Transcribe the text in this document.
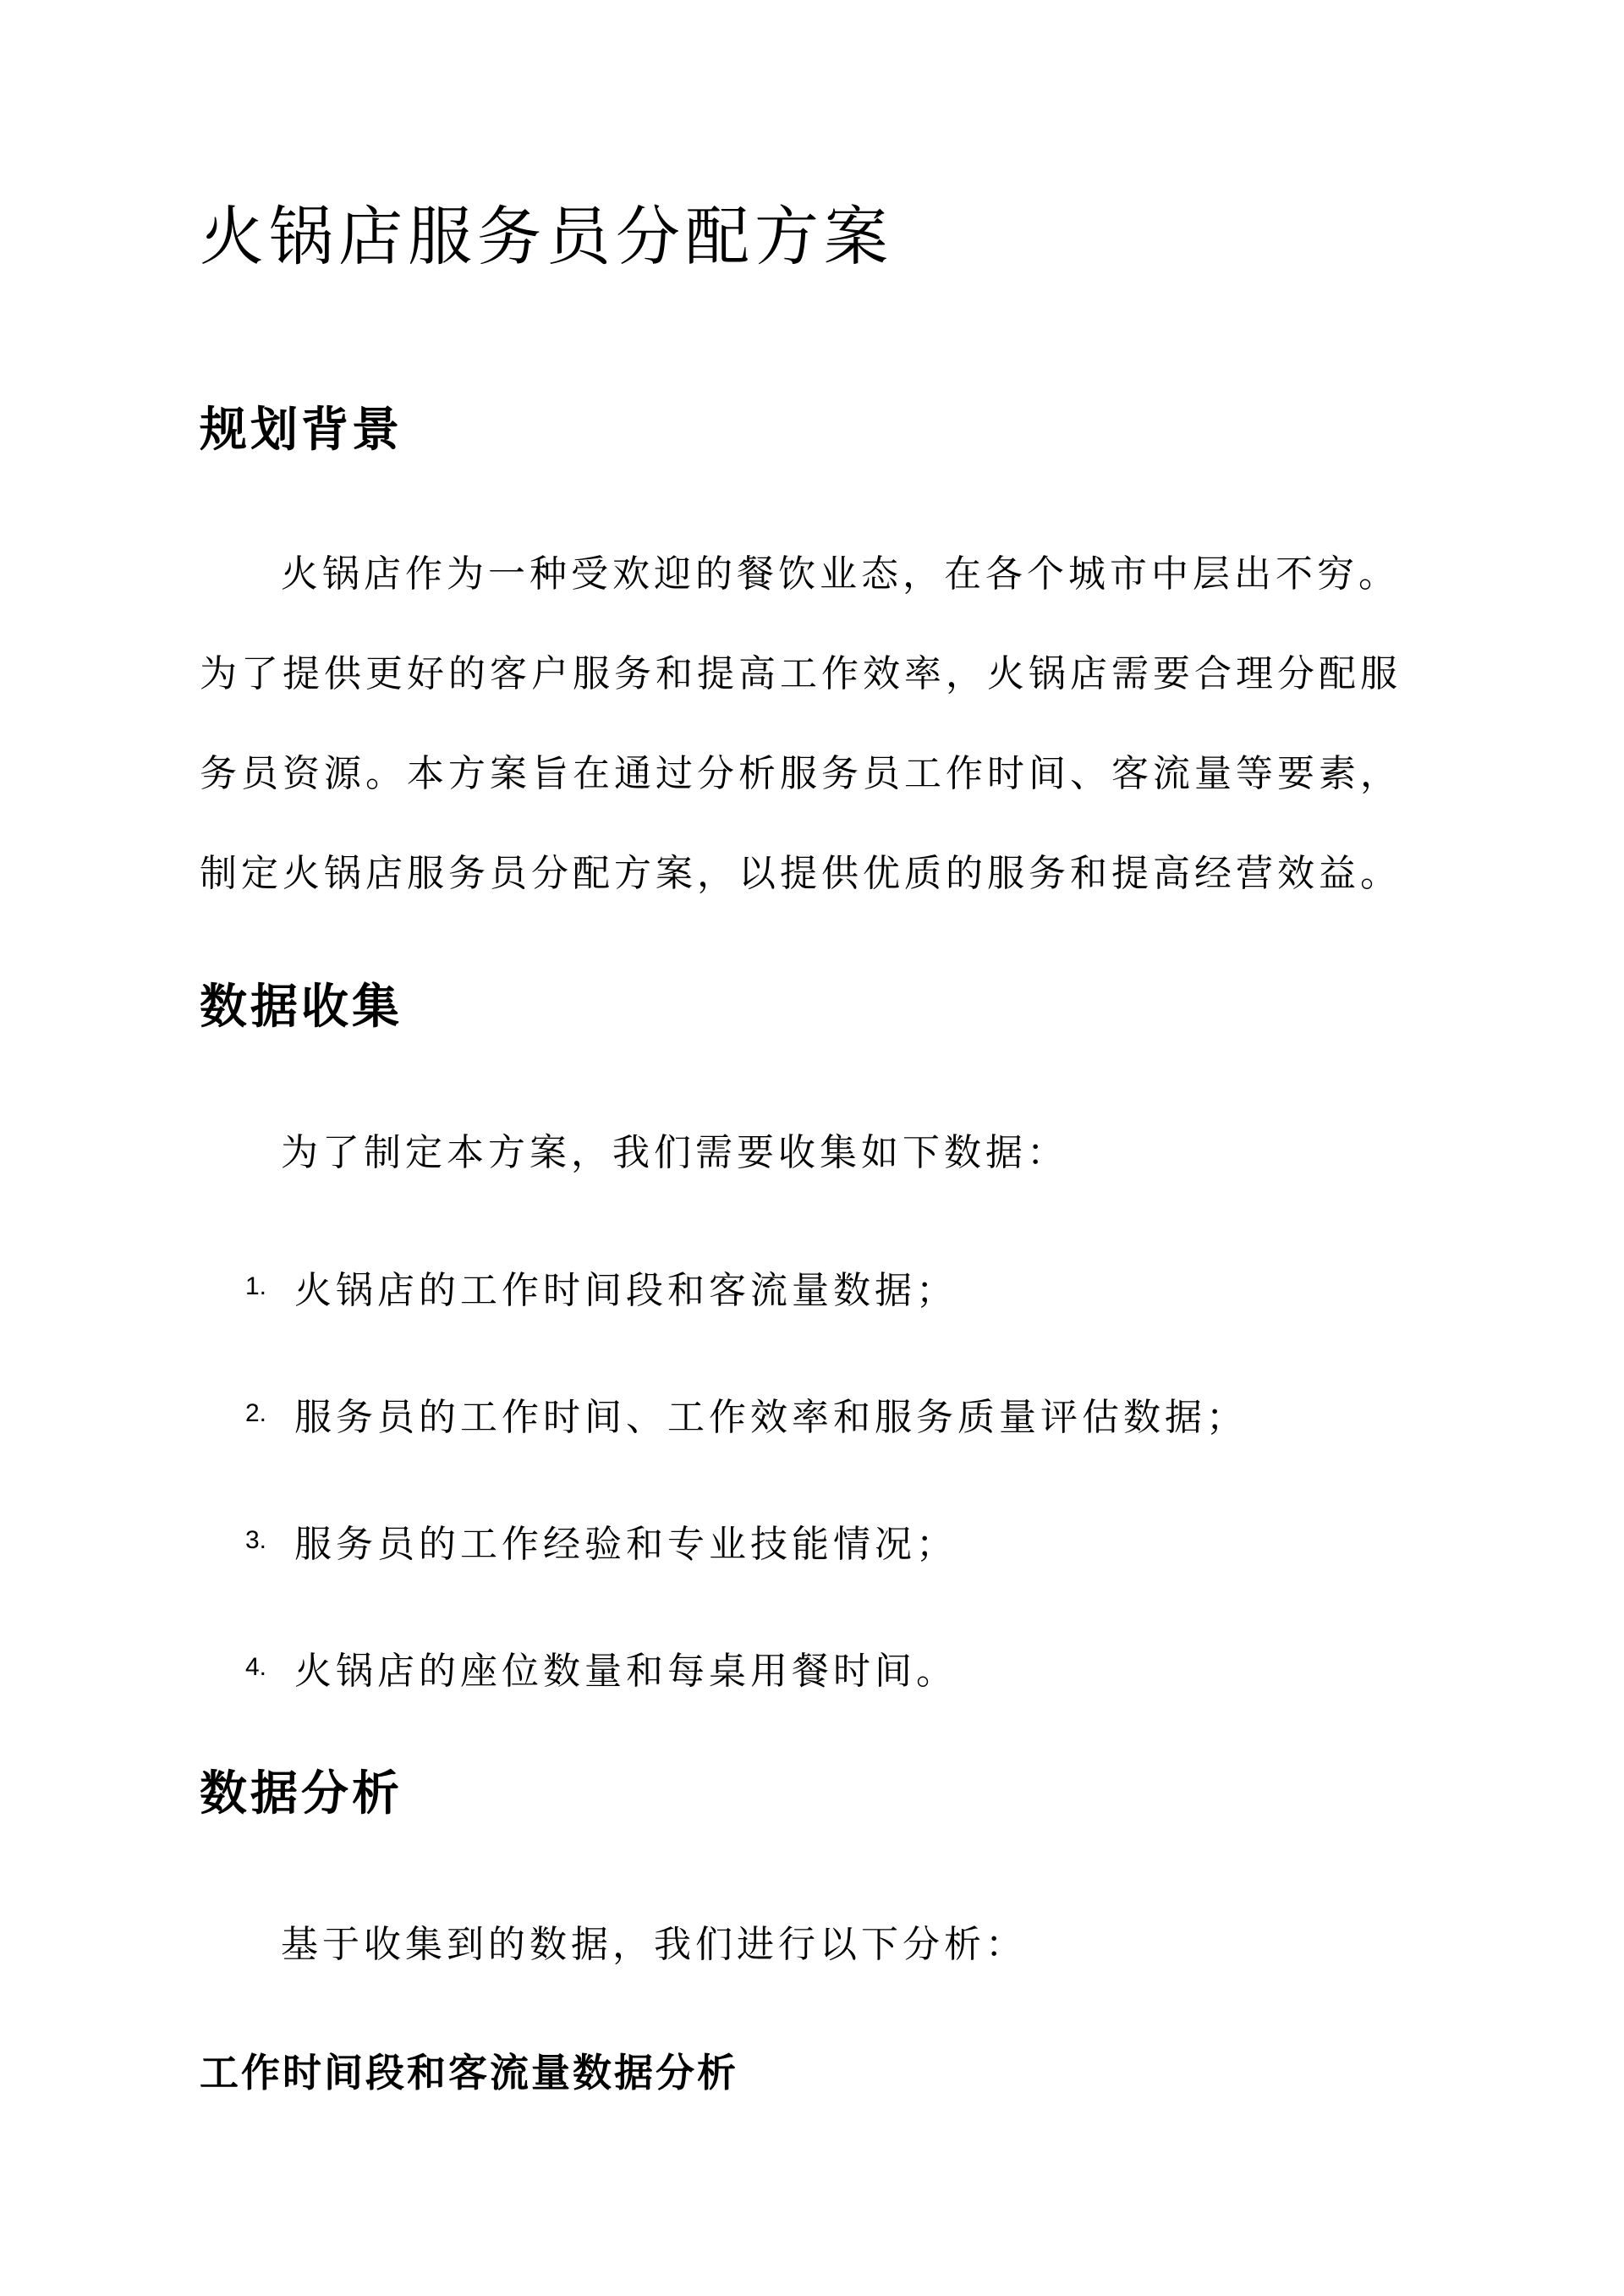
火锅店服务员分配方案
规划背景

火锅店作为一种受欢迎的餐饮业态，在各个城市中层出不穷。为了提供更好的客户服务和提高工作效率，火锅店需要合理分配服务员资源。本方案旨在通过分析服务员工作时间、客流量等要素，制定火锅店服务员分配方案，以提供优质的服务和提高经营效益。

数据收集

为了制定本方案，我们需要收集如下数据：

1. 火锅店的工作时间段和客流量数据；
2. 服务员的工作时间、工作效率和服务质量评估数据；
3. 服务员的工作经验和专业技能情况；
4. 火锅店的座位数量和每桌用餐时间。
数据分析

基于收集到的数据，我们进行以下分析：

工作时间段和客流量数据分析
